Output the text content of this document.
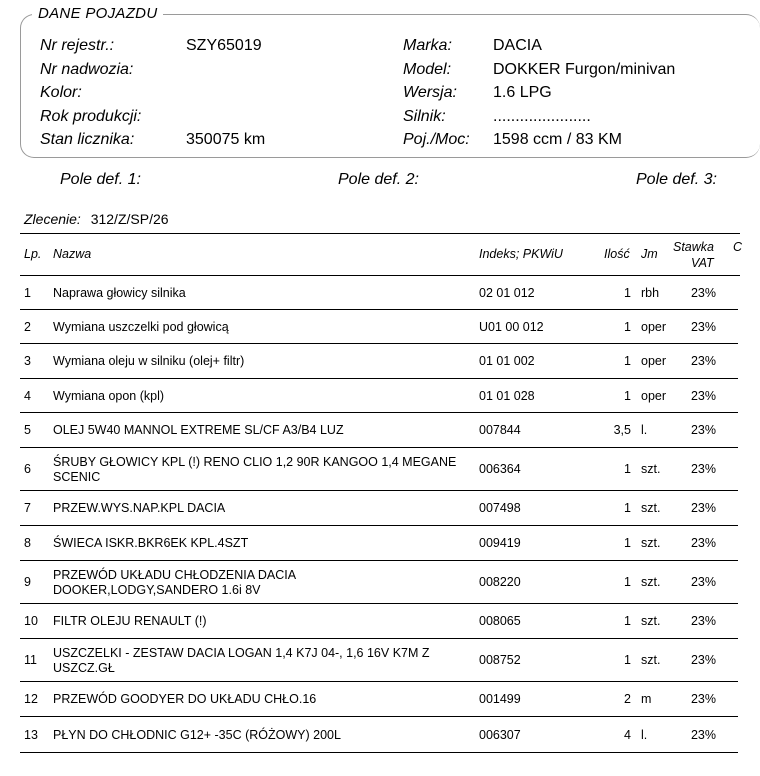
DANE POJAZDU
Nr rejestr.:	SZY65019
Nr nadwozia:
Kolor:
Rok produkcji:
Stan licznika:	350075 km
Marka:	DACIA
Model:	DOKKER Furgon/minivan
Wersja: 1.6 LPG
Silnik:	......................
Poj./Moc: 1598 ccm / 83 KM
Pole def. 1:	Pole def. 2:	Pole def. 3:
Zlecenie: 312/Z/SP/26
Lp. Nazwa	Indeks; PKWiU	Ilość Jm Stawka
VAT
C
1 Naprawa głowicy silnika	02 01 012	1 rbh	23%
2 Wymiana uszczelki pod głowicą	U01 00 012	1 oper 23%
3 Wymiana oleju w silniku (olej+ filtr)	01 01 002	1 oper 23%
4 Wymiana opon (kpl)	01 01 028	1 oper 23%
5 OLEJ 5W40 MANNOL EXTREME SL/CF A3/B4 LUZ	007844	3,5 l.	23%
6 ŚRUBY GŁOWICY KPL (!) RENO CLIO 1,2 90R KANGOO 1,4 MEGANE SCENIC
006364	1 szt. 23%
7 PRZEW.WYS.NAP.KPL DACIA	007498	1 szt. 23%
8 ŚWIECA ISKR.BKR6EK KPL.4SZT	009419	1 szt. 23%
9 PRZEWÓD UKŁADU CHŁODZENIA DACIA DOOKER,LODGY,SANDERO 1.6i 8V
008220	1 szt. 23%
10 FILTR OLEJU RENAULT (!)	008065	1 szt. 23%
11 USZCZELKI - ZESTAW DACIA LOGAN 1,4 K7J 04-, 1,6 16V K7M Z USZCZ.GŁ
008752	1 szt. 23%
12 PRZEWÓD GOODYER DO UKŁADU CHŁO.16	001499	2 m	23%
13 PŁYN DO CHŁODNIC G12+ -35C (RÓŻOWY) 200L	006307	4 l.	23%
